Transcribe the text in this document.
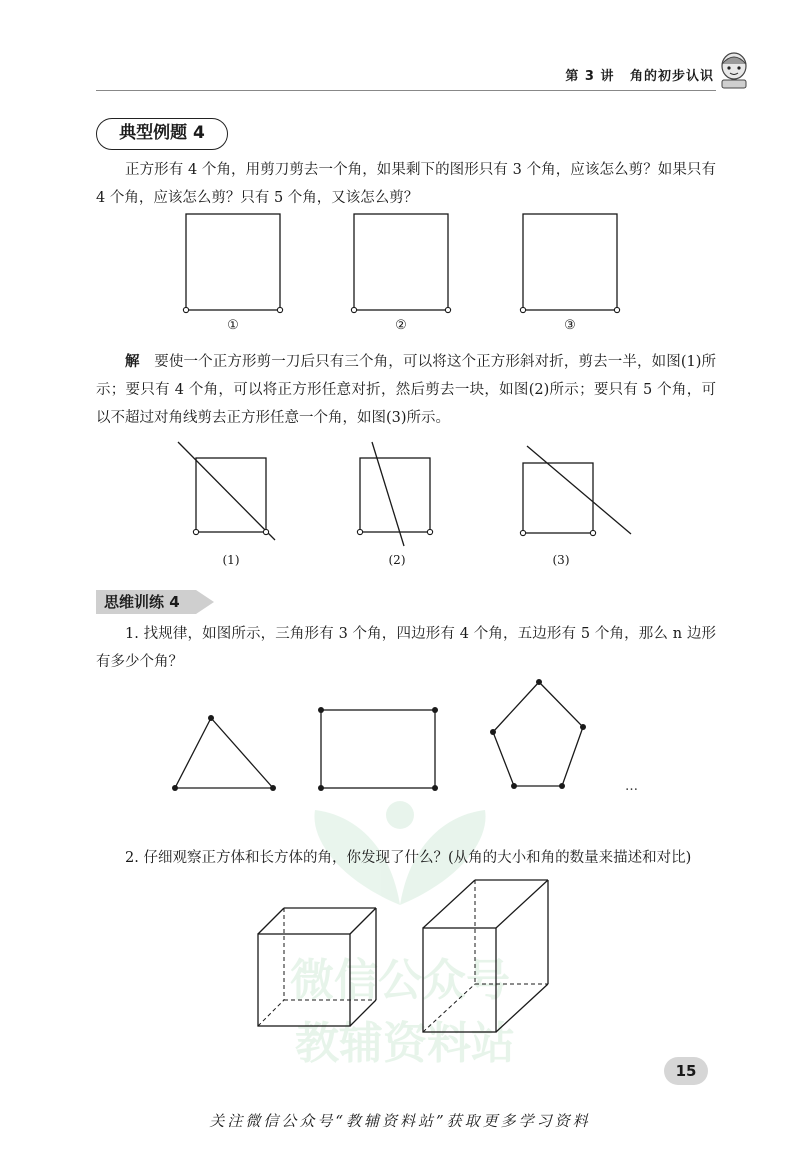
第 3 讲 角的初步认识
典型例题 4

正方形有 4 个角，用剪刀剪去一个角，如果剩下的图形只有 3 个角，应该怎么剪？如果只有 4 个角，应该怎么剪？只有 5 个角，又该怎么剪？

微信公众号
教辅资料站
…
①	②	③

解　 要使一个正方形剪一刀后只有三个角，可以将这个正方形斜对折，剪去一半，如图(1)所示；要只有 4 个角，可以将正方形任意对折，然后剪去一块，如图(2)所示；要只有 5 个角，可以不超过对角线剪去正方形任意一个角，如图(3)所示。

(1)	(2)	(3)
思维训练 4

1. 找规律，如图所示，三角形有 3 个角，四边形有 4 个角，五边形有 5 个角，那么 n 边形有多少个角？

2. 仔细观察正方体和长方体的角，你发现了什么？(从角的大小和角的数量来描述和对比)

15
关注微信公众号“教辅资料站”获取更多学习资料
